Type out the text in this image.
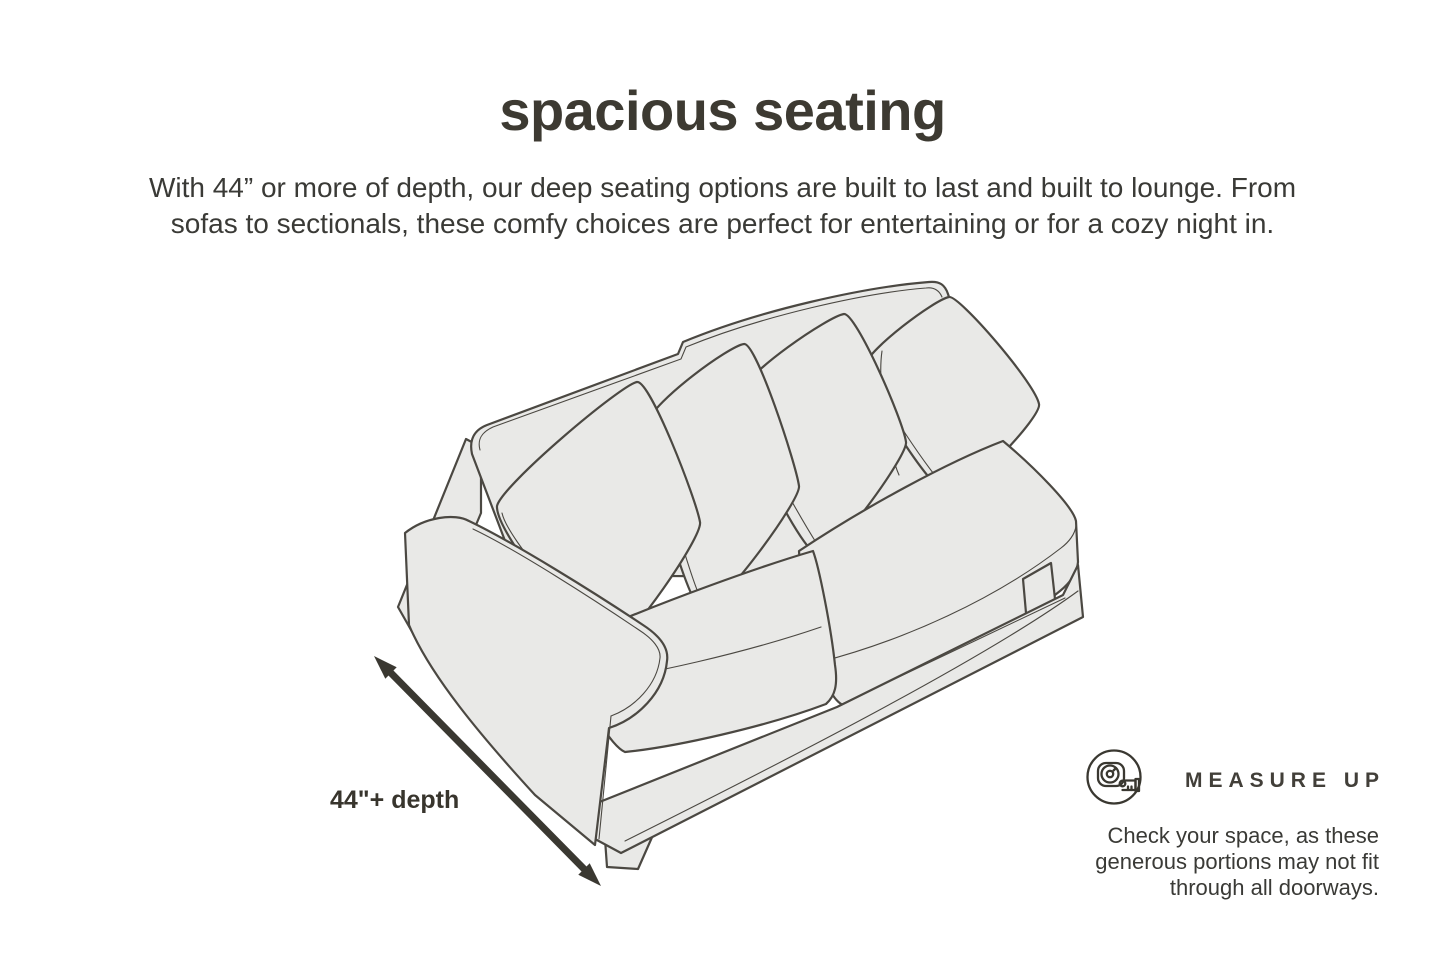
spacious seating

With 44” or more of depth, our deep seating options are built to last and built to lounge. From sofas to sectionals, these comfy choices are perfect for entertaining or for a cozy night in.

44"+ depth
MEASURE UP

Check your space, as these generous portions may not fit through all doorways.
